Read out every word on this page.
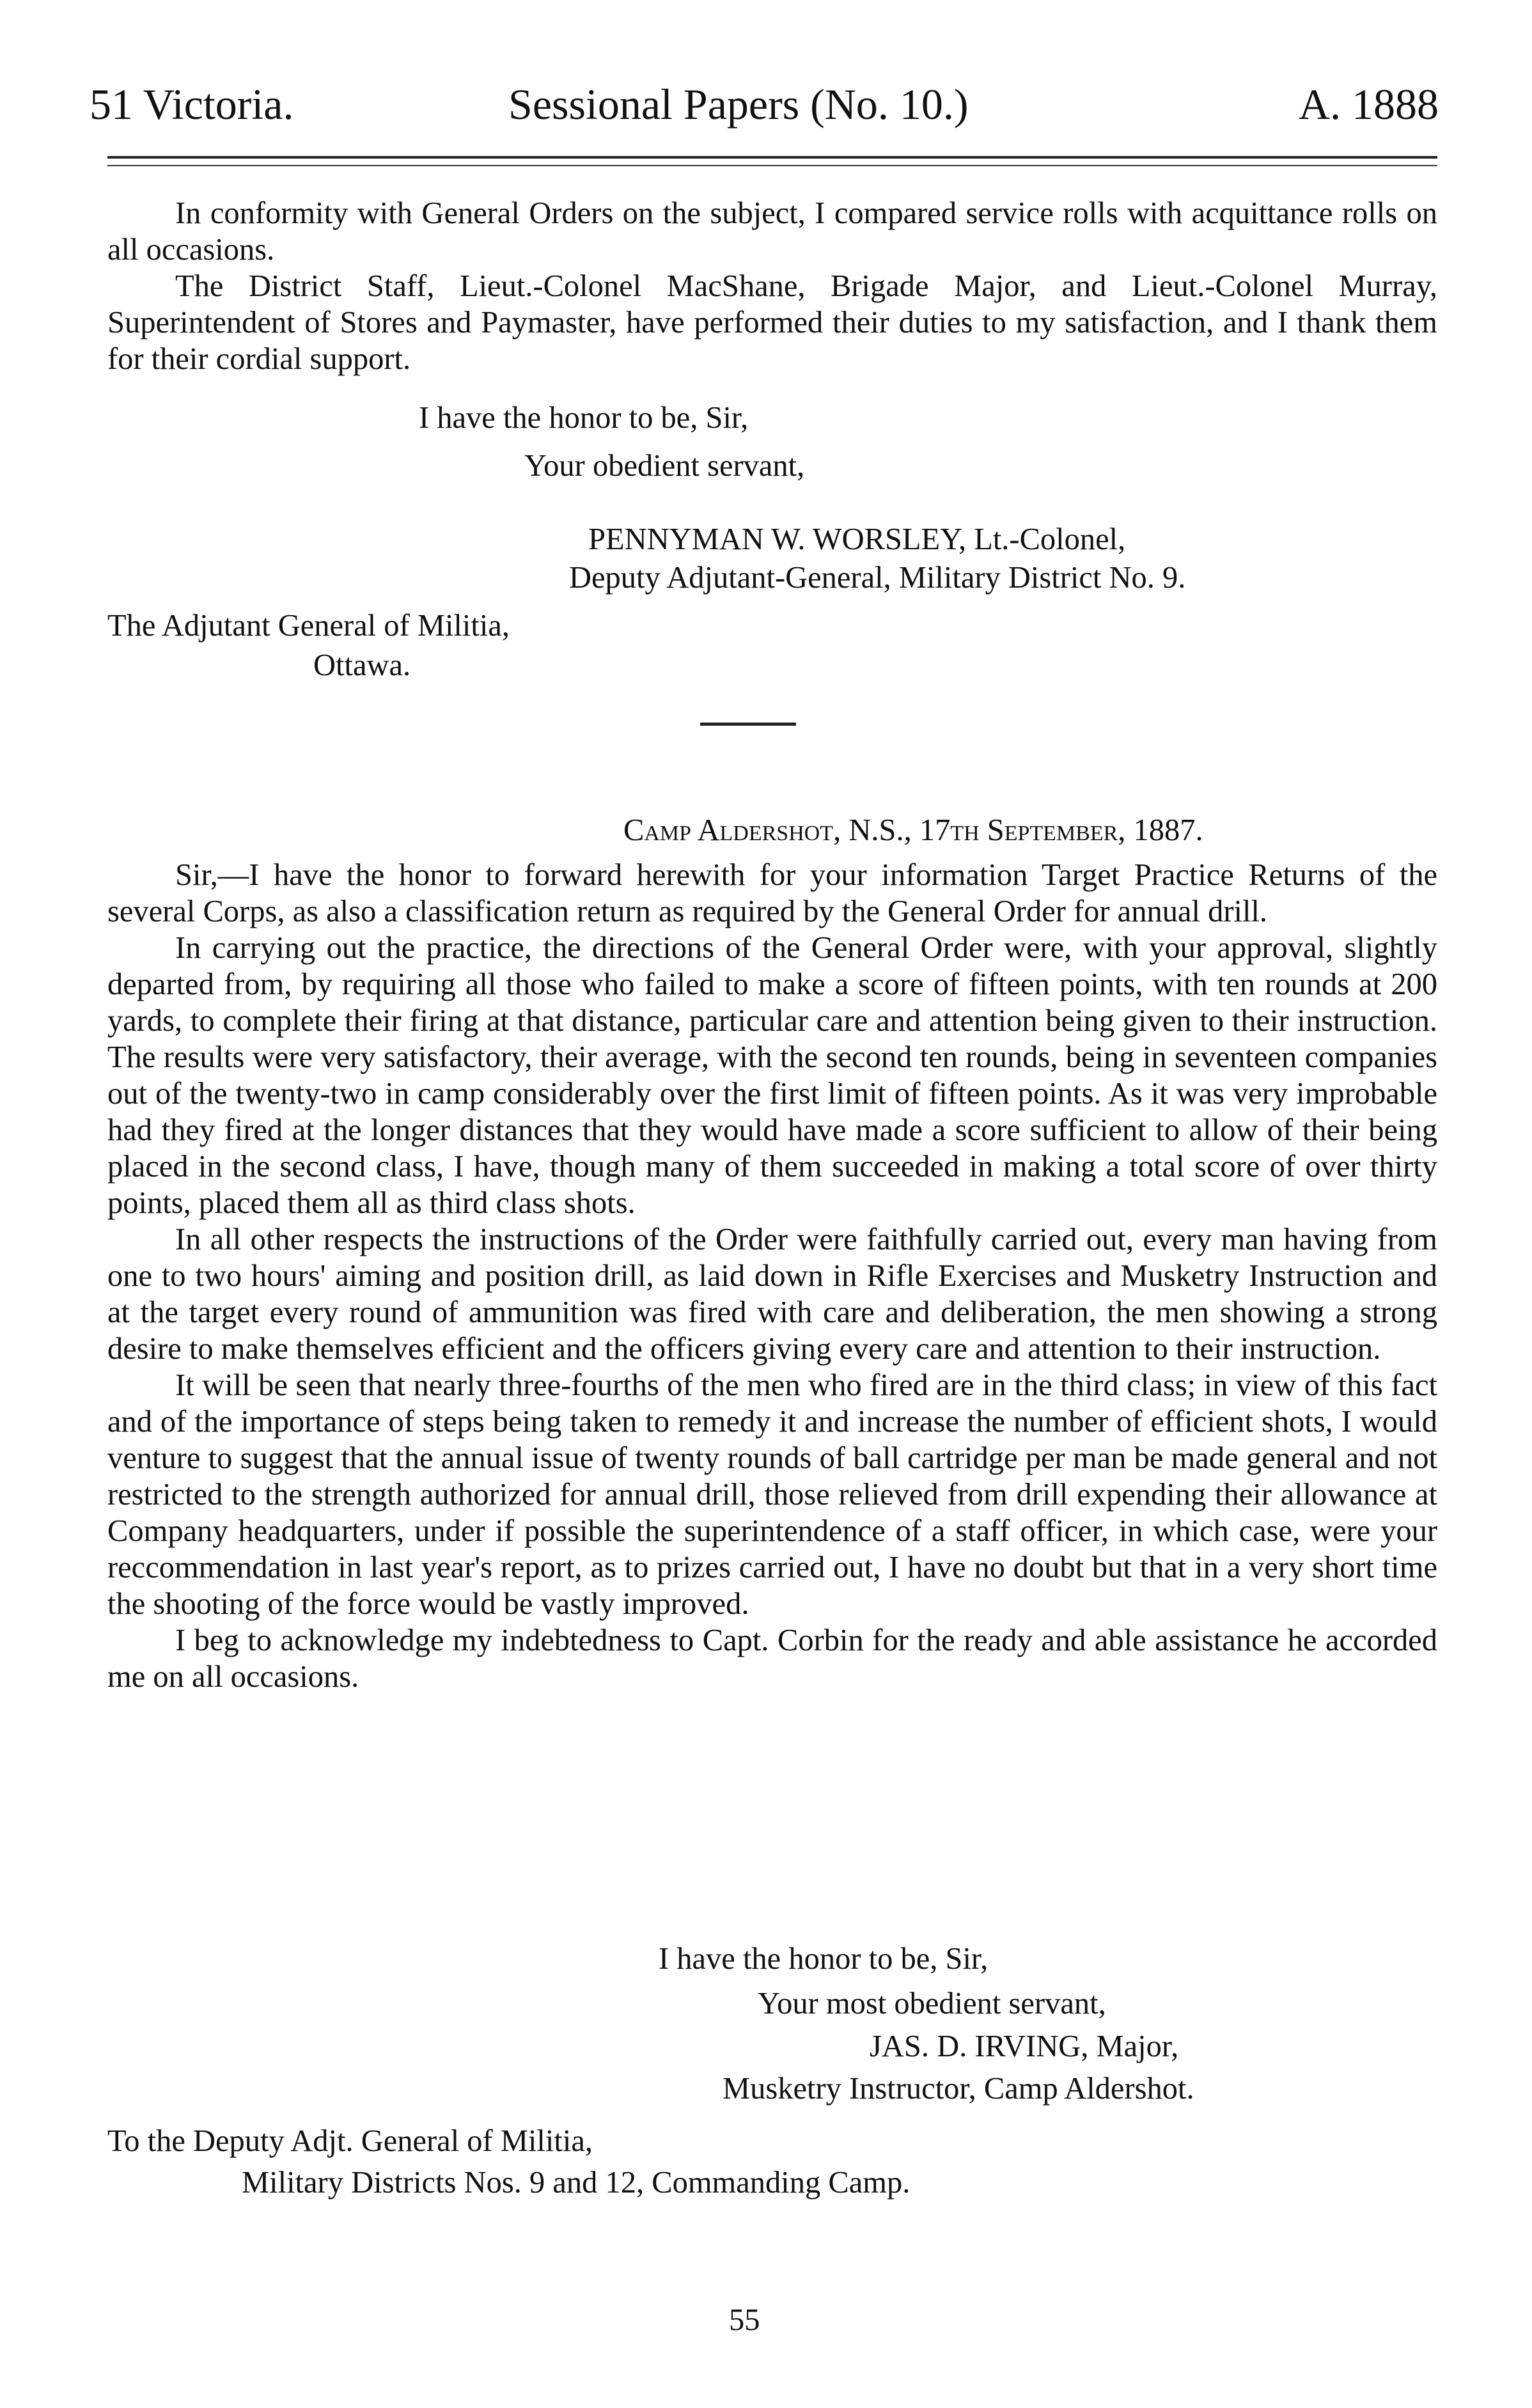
51 Victoria.	Sessional Papers (No. 10.)	A. 1888

In conformity with General Orders on the subject, I compared service rolls with acquittance rolls on all occasions.

The District Staff, Lieut.-Colonel MacShane, Brigade Major, and Lieut.-Colonel Murray, Superintendent of Stores and Paymaster, have performed their duties to my satisfaction, and I thank them for their cordial support.

I have the honor to be, Sir,
Your obedient servant,
PENNYMAN W. WORSLEY, Lt.-Colonel,
Deputy Adjutant-General, Military District No. 9.
The Adjutant General of Militia,
Ottawa.
Camp Aldershot, N.S., 17th September, 1887.

Sir,—I have the honor to forward herewith for your information Target Practice Returns of the several Corps, as also a classification return as required by the General Order for annual drill.

In carrying out the practice, the directions of the General Order were, with your approval, slightly departed from, by requiring all those who failed to make a score of fifteen points, with ten rounds at 200 yards, to complete their firing at that distance, particular care and attention being given to their instruction. The results were very satisfactory, their average, with the second ten rounds, being in seventeen companies out of the twenty-two in camp considerably over the first limit of fifteen points. As it was very improbable had they fired at the longer distances that they would have made a score sufficient to allow of their being placed in the second class, I have, though many of them succeeded in making a total score of over thirty points, placed them all as third class shots.

In all other respects the instructions of the Order were faithfully carried out, every man having from one to two hours' aiming and position drill, as laid down in Rifle Exercises and Musketry Instruction and at the target every round of ammunition was fired with care and deliberation, the men showing a strong desire to make themselves efficient and the officers giving every care and attention to their instruction.

It will be seen that nearly three-fourths of the men who fired are in the third class; in view of this fact and of the importance of steps being taken to remedy it and increase the number of efficient shots, I would venture to suggest that the annual issue of twenty rounds of ball cartridge per man be made general and not restricted to the strength authorized for annual drill, those relieved from drill expending their allowance at Company headquarters, under if possible the superintendence of a staff officer, in which case, were your reccommendation in last year's report, as to prizes carried out, I have no doubt but that in a very short time the shooting of the force would be vastly improved.

I beg to acknowledge my indebtedness to Capt. Corbin for the ready and able assistance he accorded me on all occasions.

I have the honor to be, Sir,
Your most obedient servant,
JAS. D. IRVING, Major,
Musketry Instructor, Camp Aldershot.
To the Deputy Adjt. General of Militia,
Military Districts Nos. 9 and 12, Commanding Camp.
55
